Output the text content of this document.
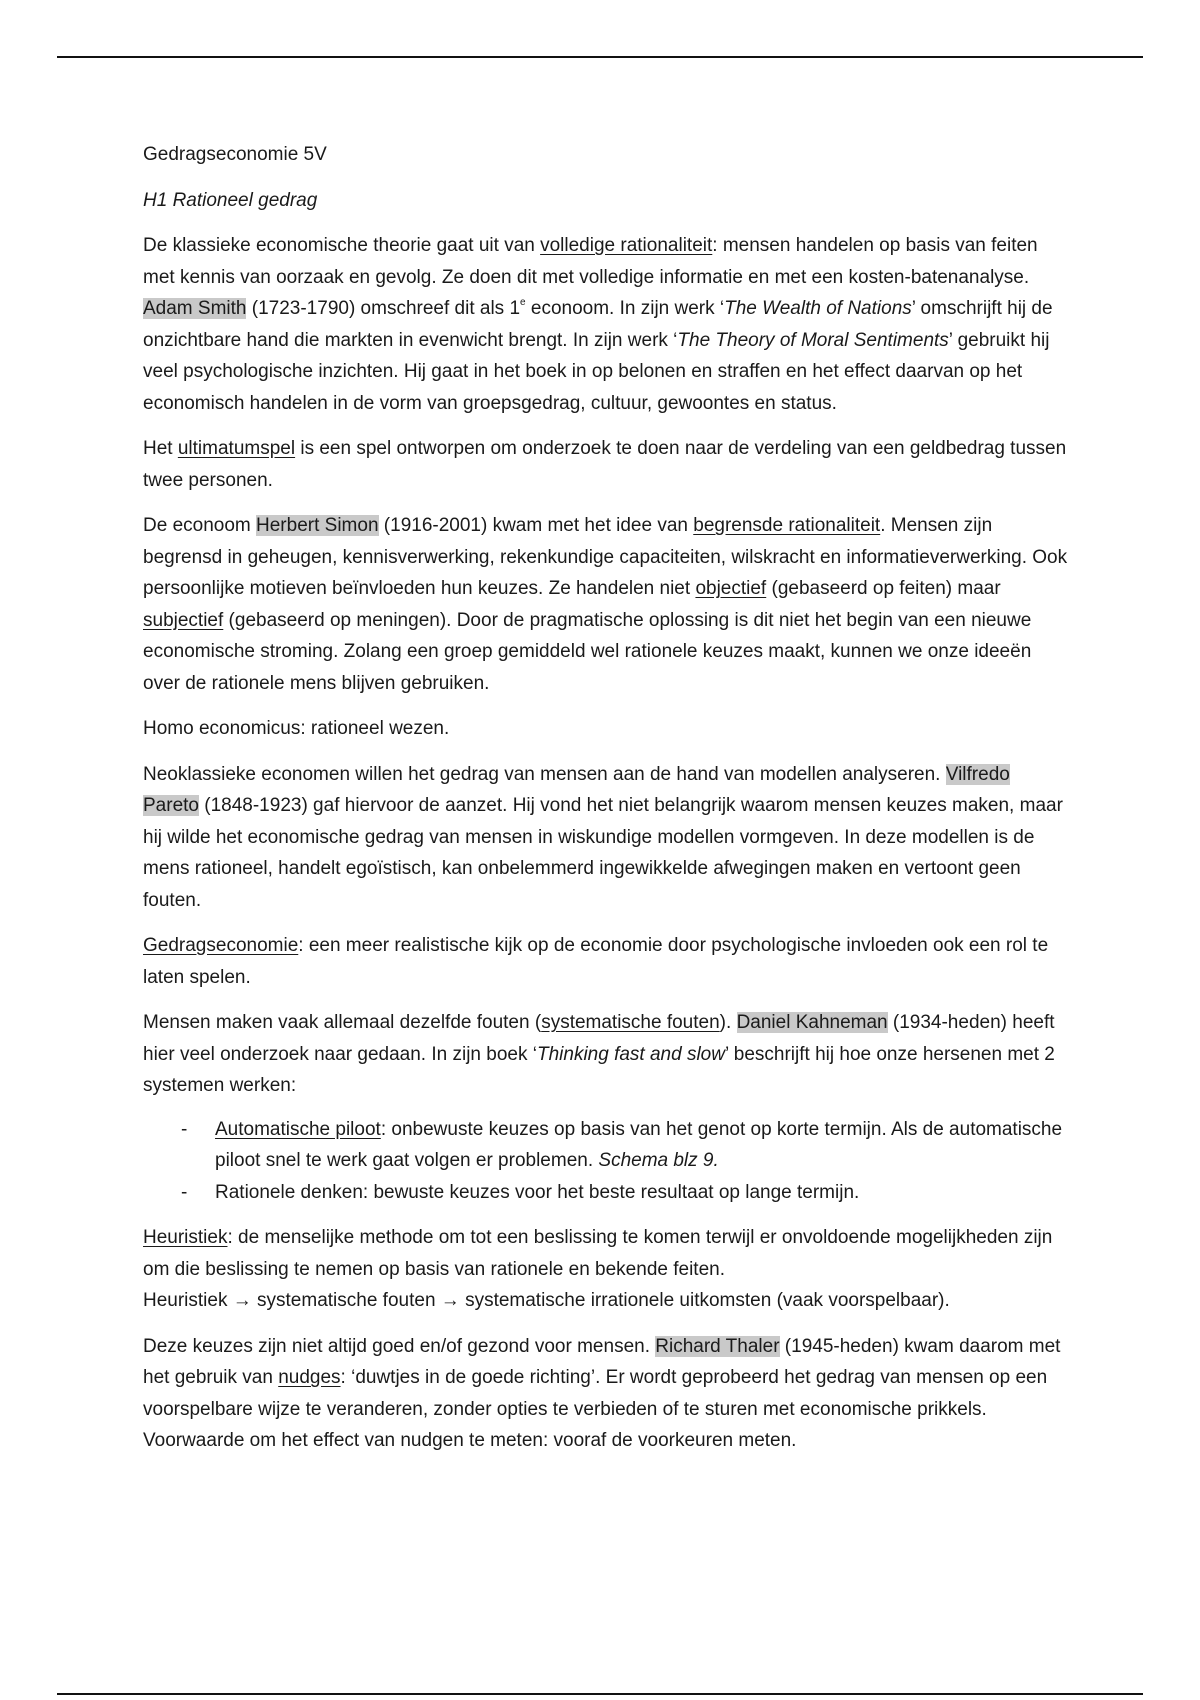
Gedragseconomie 5V

H1 Rationeel gedrag

De klassieke economische theorie gaat uit van volledige rationaliteit: mensen handelen op basis van feiten met kennis van oorzaak en gevolg. Ze doen dit met volledige informatie en met een kosten-batenanalyse. Adam Smith (1723-1790) omschreef dit als 1e econoom. In zijn werk ‘The Wealth of Nations’ omschrijft hij de onzichtbare hand die markten in evenwicht brengt. In zijn werk ‘The Theory of Moral Sentiments’ gebruikt hij veel psychologische inzichten. Hij gaat in het boek in op belonen en straffen en het effect daarvan op het economisch handelen in de vorm van groepsgedrag, cultuur, gewoontes en status.

Het ultimatumspel is een spel ontworpen om onderzoek te doen naar de verdeling van een geldbedrag tussen twee personen.

De econoom Herbert Simon (1916-2001) kwam met het idee van begrensde rationaliteit. Mensen zijn begrensd in geheugen, kennisverwerking, rekenkundige capaciteiten, wilskracht en informatieverwerking. Ook persoonlijke motieven beïnvloeden hun keuzes. Ze handelen niet objectief (gebaseerd op feiten) maar subjectief (gebaseerd op meningen). Door de pragmatische oplossing is dit niet het begin van een nieuwe economische stroming. Zolang een groep gemiddeld wel rationele keuzes maakt, kunnen we onze ideeën over de rationele mens blijven gebruiken.

Homo economicus: rationeel wezen.

Neoklassieke economen willen het gedrag van mensen aan de hand van modellen analyseren. Vilfredo Pareto (1848-1923) gaf hiervoor de aanzet. Hij vond het niet belangrijk waarom mensen keuzes maken, maar hij wilde het economische gedrag van mensen in wiskundige modellen vormgeven. In deze modellen is de mens rationeel, handelt egoïstisch, kan onbelemmerd ingewikkelde afwegingen maken en vertoont geen fouten.

Gedragseconomie: een meer realistische kijk op de economie door psychologische invloeden ook een rol te laten spelen.

Mensen maken vaak allemaal dezelfde fouten (systematische fouten). Daniel Kahneman (1934-heden) heeft hier veel onderzoek naar gedaan. In zijn boek ‘Thinking fast and slow’ beschrijft hij hoe onze hersenen met 2 systemen werken:

- Automatische piloot: onbewuste keuzes op basis van het genot op korte termijn. Als de automatische piloot snel te werk gaat volgen er problemen. Schema blz 9.
- Rationele denken: bewuste keuzes voor het beste resultaat op lange termijn.

Heuristiek: de menselijke methode om tot een beslissing te komen terwijl er onvoldoende mogelijkheden zijn om die beslissing te nemen op basis van rationele en bekende feiten.
Heuristiek → systematische fouten → systematische irrationele uitkomsten (vaak voorspelbaar).

Deze keuzes zijn niet altijd goed en/of gezond voor mensen. Richard Thaler (1945-heden) kwam daarom met het gebruik van nudges: ‘duwtjes in de goede richting’. Er wordt geprobeerd het gedrag van mensen op een voorspelbare wijze te veranderen, zonder opties te verbieden of te sturen met economische prikkels. Voorwaarde om het effect van nudgen te meten: vooraf de voorkeuren meten.
